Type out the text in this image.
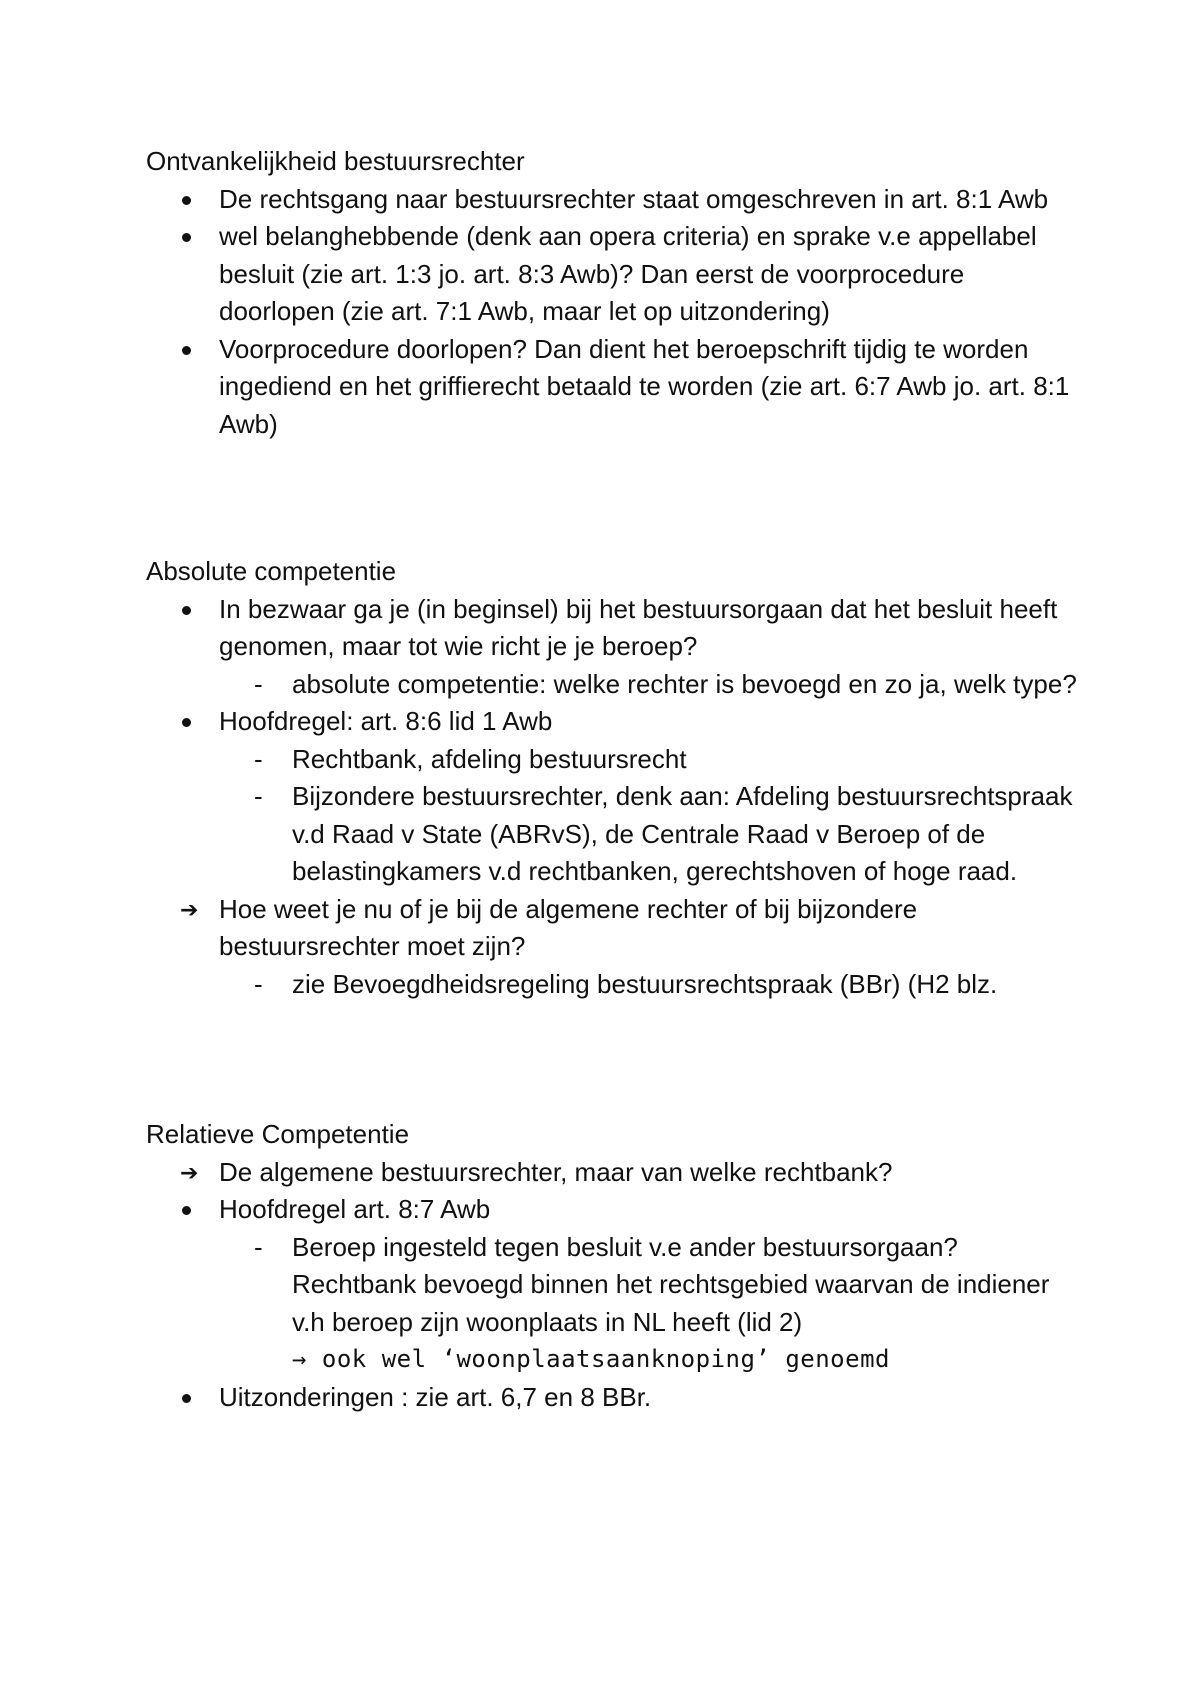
Ontvankelijkheid bestuursrechter

De rechtsgang naar bestuursrechter staat omgeschreven in art. 8:1 Awb

wel belanghebbende (denk aan opera criteria) en sprake v.e appellabel besluit (zie art. 1:3 jo. art. 8:3 Awb)? Dan eerst de voorprocedure doorlopen (zie art. 7:1 Awb, maar let op uitzondering)

Voorprocedure doorlopen? Dan dient het beroepschrift tijdig te worden ingediend en het griffierecht betaald te worden (zie art. 6:7 Awb jo. art. 8:1 Awb)

Absolute competentie

In bezwaar ga je (in beginsel) bij het bestuursorgaan dat het besluit heeft genomen, maar tot wie richt je je beroep?

- absolute competentie: welke rechter is bevoegd en zo ja, welk type?

Hoofdregel: art. 8:6 lid 1 Awb

- Rechtbank, afdeling bestuursrecht

- Bijzondere bestuursrechter, denk aan: Afdeling bestuursrechtspraak v.d Raad v State (ABRvS), de Centrale Raad v Beroep of de belastingkamers v.d rechtbanken, gerechtshoven of hoge raad.

➔ Hoe weet je nu of je bij de algemene rechter of bij bijzondere bestuursrechter moet zijn?

- zie Bevoegdheidsregeling bestuursrechtspraak (BBr) (H2 blz.

Relatieve Competentie

➔ De algemene bestuursrechter, maar van welke rechtbank?

Hoofdregel art. 8:7 Awb

- Beroep ingesteld tegen besluit v.e ander bestuursorgaan? Rechtbank bevoegd binnen het rechtsgebied waarvan de indiener v.h beroep zijn woonplaats in NL heeft (lid 2)
→ ook wel ‘woonplaatsaanknoping’ genoemd

Uitzonderingen : zie art. 6,7 en 8 BBr.
